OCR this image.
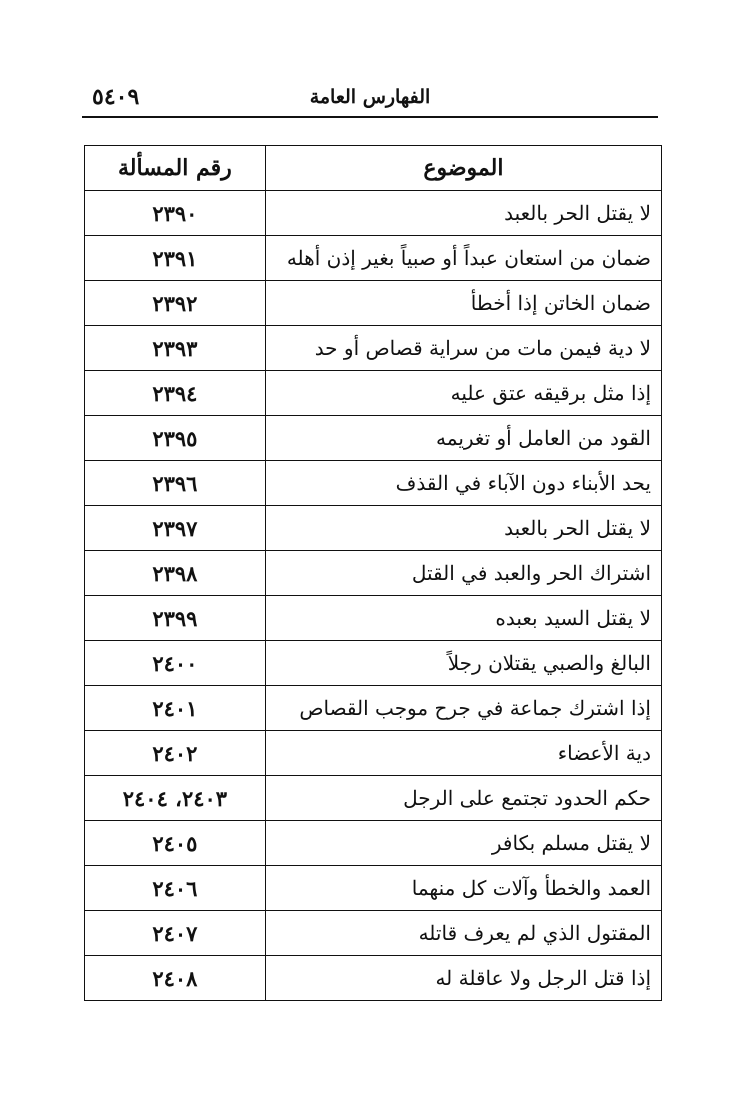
الفهارس العامة
٥٤٠٩
الموضوع	رقم المسألة
لا يقتل الحر بالعبد	٢٣٩٠
ضمان من استعان عبداً أو صبياً بغير إذن أهله	٢٣٩١
ضمان الخاتن إذا أخطأ	٢٣٩٢
لا دية فيمن مات من سراية قصاص أو حد	٢٣٩٣
إذا مثل برقيقه عتق عليه	٢٣٩٤
القود من العامل أو تغريمه	٢٣٩٥
يحد الأبناء دون الآباء في القذف	٢٣٩٦
لا يقتل الحر بالعبد	٢٣٩٧
اشتراك الحر والعبد في القتل	٢٣٩٨
لا يقتل السيد بعبده	٢٣٩٩
البالغ والصبي يقتلان رجلاً	٢٤٠٠
إذا اشترك جماعة في جرح موجب القصاص	٢٤٠١
دية الأعضاء	٢٤٠٢
حكم الحدود تجتمع على الرجل	٢٤٠٣، ٢٤٠٤
لا يقتل مسلم بكافر	٢٤٠٥
العمد والخطأ وآلات كل منهما	٢٤٠٦
المقتول الذي لم يعرف قاتله	٢٤٠٧
إذا قتل الرجل ولا عاقلة له	٢٤٠٨
